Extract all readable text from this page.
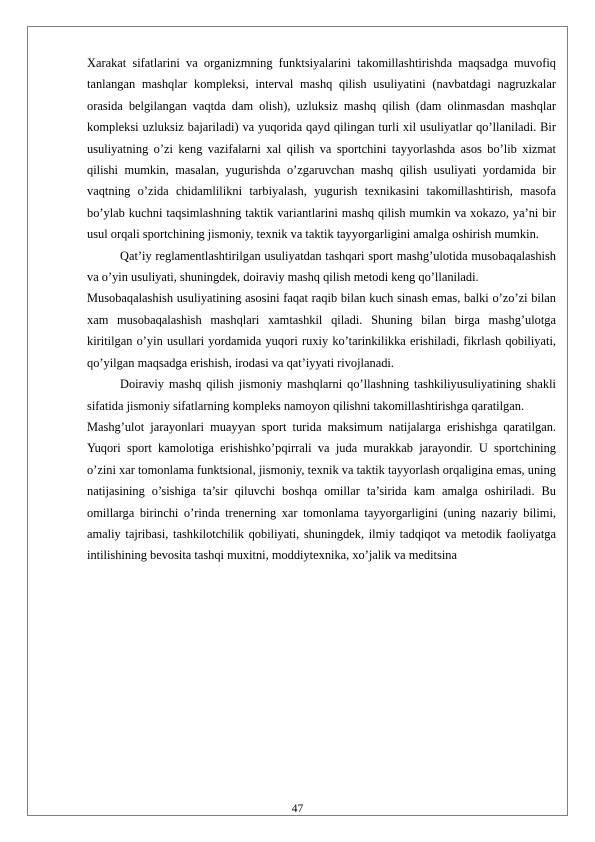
Xarakat sifatlarini va organizmning funktsiyalarini takomillashtirishda maqsadga muvofiq tanlangan mashqlar kompleksi, interval mashq qilish usuliyatini (navbatdagi nagruzkalar orasida belgilangan vaqtda dam olish), uzluksiz mashq qilish (dam olinmasdan mashqlar kompleksi uzluksiz bajariladi) va yuqorida qayd qilingan turli xil usuliyatlar qo’llaniladi. Bir usuliyatning o’zi keng vazifalarni xal qilish va sportchini tayyorlashda asos bo’lib xizmat qilishi mumkin, masalan, yugurishda o’zgaruvchan mashq qilish usuliyati yordamida bir vaqtning o’zida chidamlilikni tarbiyalash, yugurish texnikasini takomillashtirish, masofa bo’ylab kuchni taqsimlashning taktik variantlarini mashq qilish mumkin va xokazo, ya’ni bir usul orqali sportchining jismoniy, texnik va taktik tayyorgarligini amalga oshirish mumkin.

Qat’iy reglamentlashtirilgan usuliyatdan tashqari sport mashg’ulotida musobaqalashish va o’yin usuliyati, shuningdek, doiraviy mashq qilish metodi keng qo’llaniladi.

Musobaqalashish usuliyatining asosini faqat raqib bilan kuch sinash emas, balki o’zo’zi bilan xam musobaqalashish mashqlari xamtashkil qiladi. Shuning bilan birga mashg’ulotga kiritilgan o’yin usullari yordamida yuqori ruxiy ko’tarinkilikka erishiladi, fikrlash qobiliyati, qo’yilgan maqsadga erishish, irodasi va qat’iyyati rivojlanadi.

Doiraviy mashq qilish jismoniy mashqlarni qo’llashning tashkiliyusuliyatining shakli sifatida jismoniy sifatlarning kompleks namoyon qilishni takomillashtirishga qaratilgan.

Mashg’ulot jarayonlari muayyan sport turida maksimum natijalarga erishishga qaratilgan. Yuqori sport kamolotiga erishishko’pqirrali va juda murakkab jarayondir. U sportchining o’zini xar tomonlama funktsional, jismoniy, texnik va taktik tayyorlash orqaligina emas, uning natijasining o’sishiga ta’sir qiluvchi boshqa omillar ta’sirida kam amalga oshiriladi. Bu omillarga birinchi o’rinda trenerning xar tomonlama tayyorgarligini (uning nazariy bilimi, amaliy tajribasi, tashkilotchilik qobiliyati, shuningdek, ilmiy tadqiqot va metodik faoliyatga intilishining bevosita tashqi muxitni, moddiytexnika, xo’jalik va meditsina

47
